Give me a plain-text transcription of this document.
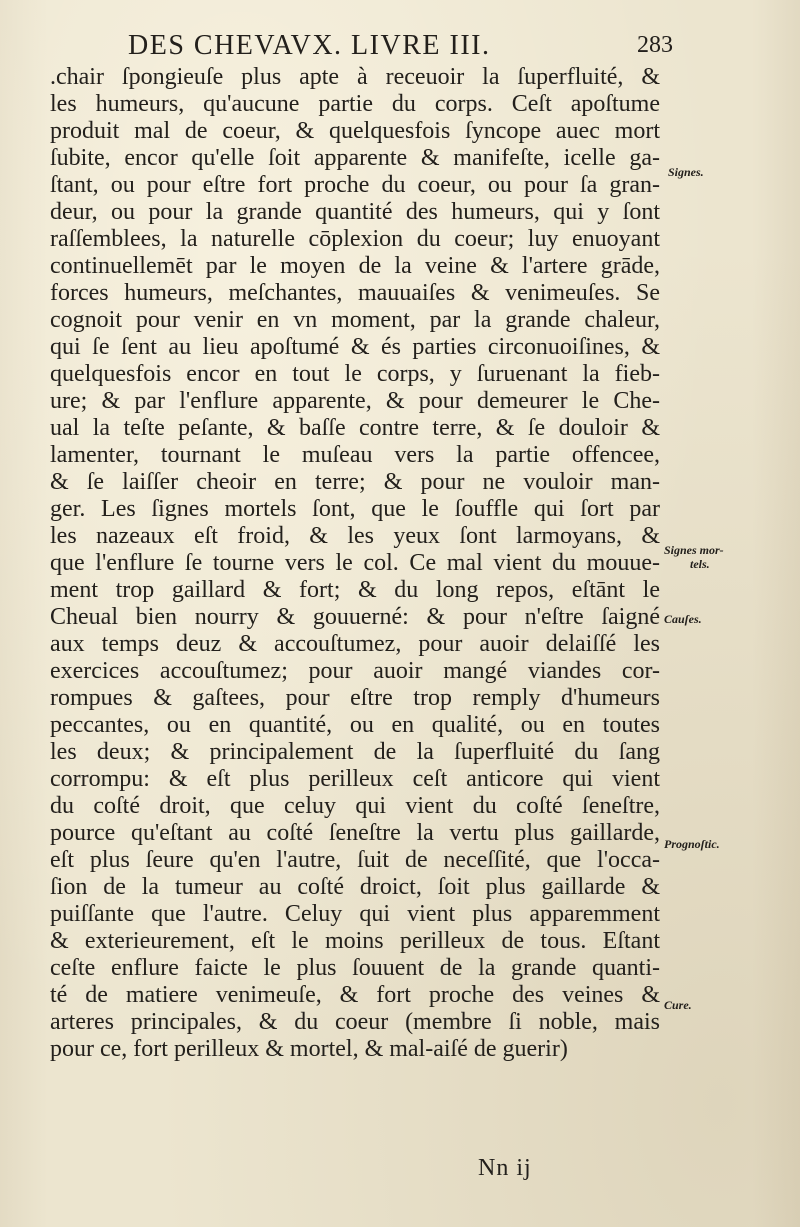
DES CHEVAVX. LIVRE III.	283
.chair ſpongieuſe plus apte à receuoir la ſuperfluité, &
les humeurs, qu'aucune partie du corps. Ceſt apoſtume
produit mal de coeur, & quelquesfois ſyncope auec mort
ſubite, encor qu'elle ſoit apparente & manifeſte, icelle ga-
ſtant, ou pour eſtre fort proche du coeur, ou pour ſa gran-
deur, ou pour la grande quantité des humeurs, qui y ſont
raſſemblees, la naturelle cōplexion du coeur; luy enuoyant
continuellemēt par le moyen de la veine & l'artere grāde,
forces humeurs, meſchantes, mauuaiſes & venimeuſes. Se
cognoit pour venir en vn moment, par la grande chaleur,
qui ſe ſent au lieu apoſtumé & és parties circonuoiſines, &
quelquesfois encor en tout le corps, y ſuruenant la fieb-
ure; & par l'enflure apparente, & pour demeurer le Che-
ual la teſte peſante, & baſſe contre terre, & ſe douloir &
lamenter, tournant le muſeau vers la partie offencee,
& ſe laiſſer cheoir en terre; & pour ne vouloir man-
ger. Les ſignes mortels ſont, que le ſouffle qui ſort par
les nazeaux eſt froid, & les yeux ſont larmoyans, &
que l'enflure ſe tourne vers le col. Ce mal vient du mouue-
ment trop gaillard & fort; & du long repos, eſtānt le
Cheual bien nourry & gouuerné: & pour n'eſtre ſaigné
aux temps deuz & accouſtumez, pour auoir delaiſſé les
exercices accouſtumez; pour auoir mangé viandes cor-
rompues & gaſtees, pour eſtre trop remply d'humeurs
peccantes, ou en quantité, ou en qualité, ou en toutes
les deux; & principalement de la ſuperfluité du ſang
corrompu: & eſt plus perilleux ceſt anticore qui vient
du coſté droit, que celuy qui vient du coſté ſeneſtre,
pource qu'eſtant au coſté ſeneſtre la vertu plus gaillarde,
eſt plus ſeure qu'en l'autre, ſuit de neceſſité, que l'occa-
ſion de la tumeur au coſté droict, ſoit plus gaillarde &
puiſſante que l'autre. Celuy qui vient plus apparemment
& exterieurement, eſt le moins perilleux de tous. Eſtant
ceſte enflure faicte le plus ſouuent de la grande quanti-
té de matiere venimeuſe, & fort proche des veines &
arteres principales, & du coeur (membre ſi noble, mais
pour ce, fort perilleux & mortel, & mal-aiſé de guerir)
Signes.
Signes mor-
tels.
Cauſes.
Prognoſtic.
Cure.
Nn ij
